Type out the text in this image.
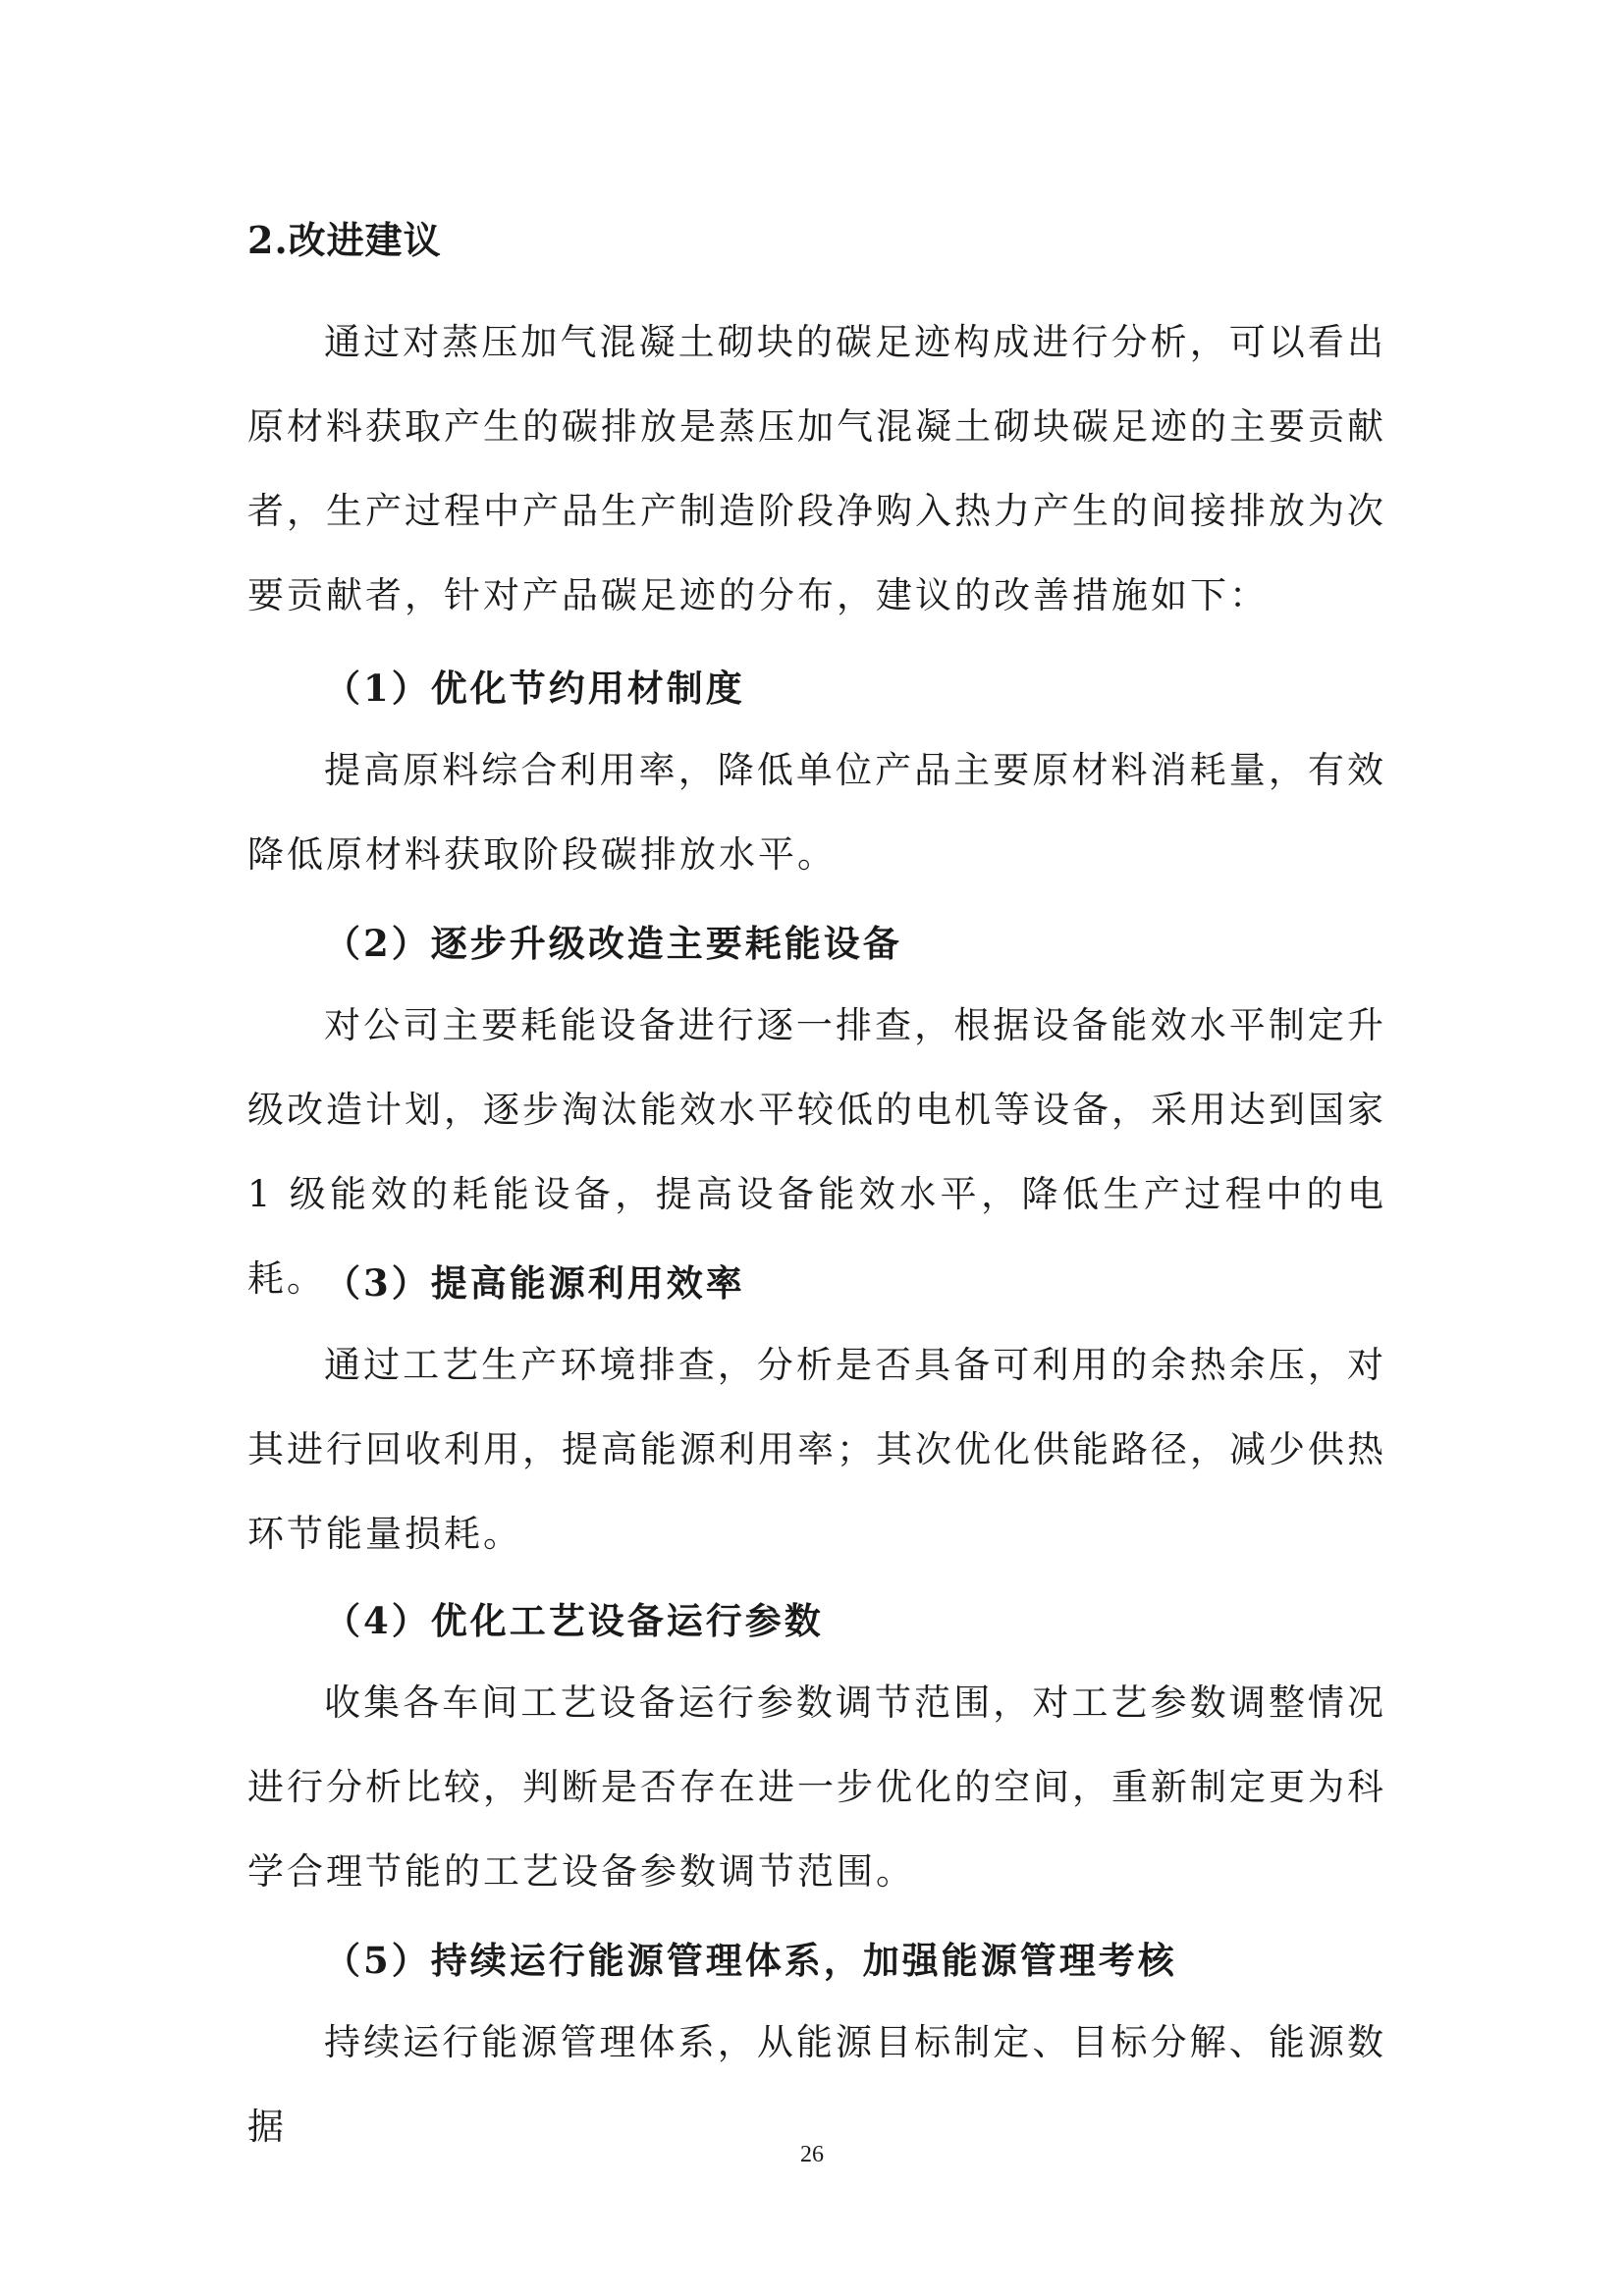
2.改进建议

通过对蒸压加气混凝土砌块的碳足迹构成进行分析，可以看出原材料获取产生的碳排放是蒸压加气混凝土砌块碳足迹的主要贡献者，生产过程中产品生产制造阶段净购入热力产生的间接排放为次要贡献者，针对产品碳足迹的分布，建议的改善措施如下：

（1）优化节约用材制度

提高原料综合利用率，降低单位产品主要原材料消耗量，有效降低原材料获取阶段碳排放水平。

（2）逐步升级改造主要耗能设备

对公司主要耗能设备进行逐一排查，根据设备能效水平制定升级改造计划，逐步淘汰能效水平较低的电机等设备，采用达到国家 1 级能效的耗能设备，提高设备能效水平，降低生产过程中的电耗。

（3）提高能源利用效率

通过工艺生产环境排查，分析是否具备可利用的余热余压，对其进行回收利用，提高能源利用率；其次优化供能路径，减少供热环节能量损耗。

（4）优化工艺设备运行参数

收集各车间工艺设备运行参数调节范围，对工艺参数调整情况进行分析比较，判断是否存在进一步优化的空间，重新制定更为科学合理节能的工艺设备参数调节范围。

（5）持续运行能源管理体系，加强能源管理考核

持续运行能源管理体系，从能源目标制定、目标分解、能源数据

26
